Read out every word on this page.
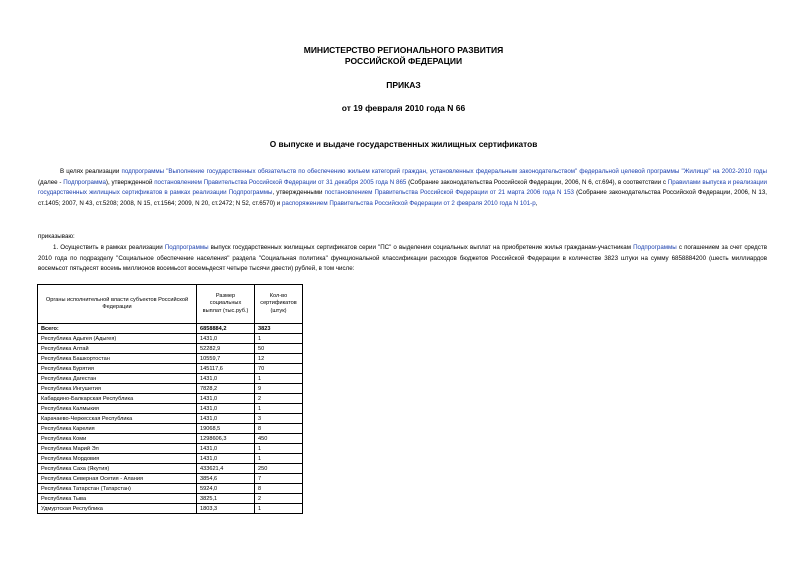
МИНИСТЕРСТВО РЕГИОНАЛЬНОГО РАЗВИТИЯ
РОССИЙСКОЙ ФЕДЕРАЦИИ
ПРИКАЗ
от 19 февраля 2010 года N 66
О выпуске и выдаче государственных жилищных сертификатов
В целях реализации подпрограммы "Выполнение государственных обязательств по обеспечению жильем категорий граждан, установленных федеральным законодательством" федеральной целевой программы "Жилище" на 2002-2010 годы (далее - Подпрограмма), утвержденной постановлением Правительства Российской Федерации от 31 декабря 2005 года N 865 (Собрание законодательства Российской Федерации, 2006, N 6, ст.694), в соответствии с Правилами выпуска и реализации государственных жилищных сертификатов в рамках реализации Подпрограммы, утвержденными постановлением Правительства Российской Федерации от 21 марта 2006 года N 153 (Собрание законодательства Российской Федерации, 2006, N 13, ст.1405; 2007, N 43, ст.5208; 2008, N 15, ст.1564; 2009, N 20, ст.2472; N 52, ст.6570) и распоряжением Правительства Российской Федерации от 2 февраля 2010 года N 101-р,
приказываю:
1. Осуществить в рамках реализации Подпрограммы выпуск государственных жилищных сертификатов серии "ПС" о выделении социальных выплат на приобретение жилья гражданам-участникам Подпрограммы с погашением за счет средств 2010 года по подразделу "Социальное обеспечение населения" раздела "Социальная политика" функциональной классификации расходов бюджетов Российской Федерации в количестве 3823 штуки на сумму 6858884200 (шесть миллиардов восемьсот пятьдесят восемь миллионов восемьсот восемьдесят четыре тысячи двести) рублей, в том числе:
Органы исполнительной власти субъектов Российской Федерации	Размер социальных выплат (тыс.руб.)	Кол-во сертификатов (штук)
Всего:	6858884,2	3823
Республика Адыгея (Адыгея)	1431,0	1
Республика Алтай	52282,9	50
Республика Башкортостан	10559,7	12
Республика Бурятия	145117,6	70
Республика Дагестан	1431,0	1
Республика Ингушетия	7828,2	9
Кабардино-Балкарская Республика	1431,0	2
Республика Калмыкия	1431,0	1
Карачаево-Черкесская Республика	1431,0	3
Республика Карелия	19068,5	8
Республика Коми	1298606,3	450
Республика Марий Эл	1431,0	1
Республика Мордовия	1431,0	1
Республика Саха (Якутия)	433621,4	250
Республика Северная Осетия - Алания	3854,6	7
Республика Татарстан (Татарстан)	5924,0	8
Республика Тыва	3825,1	2
Удмуртская Республика	1803,3	1
